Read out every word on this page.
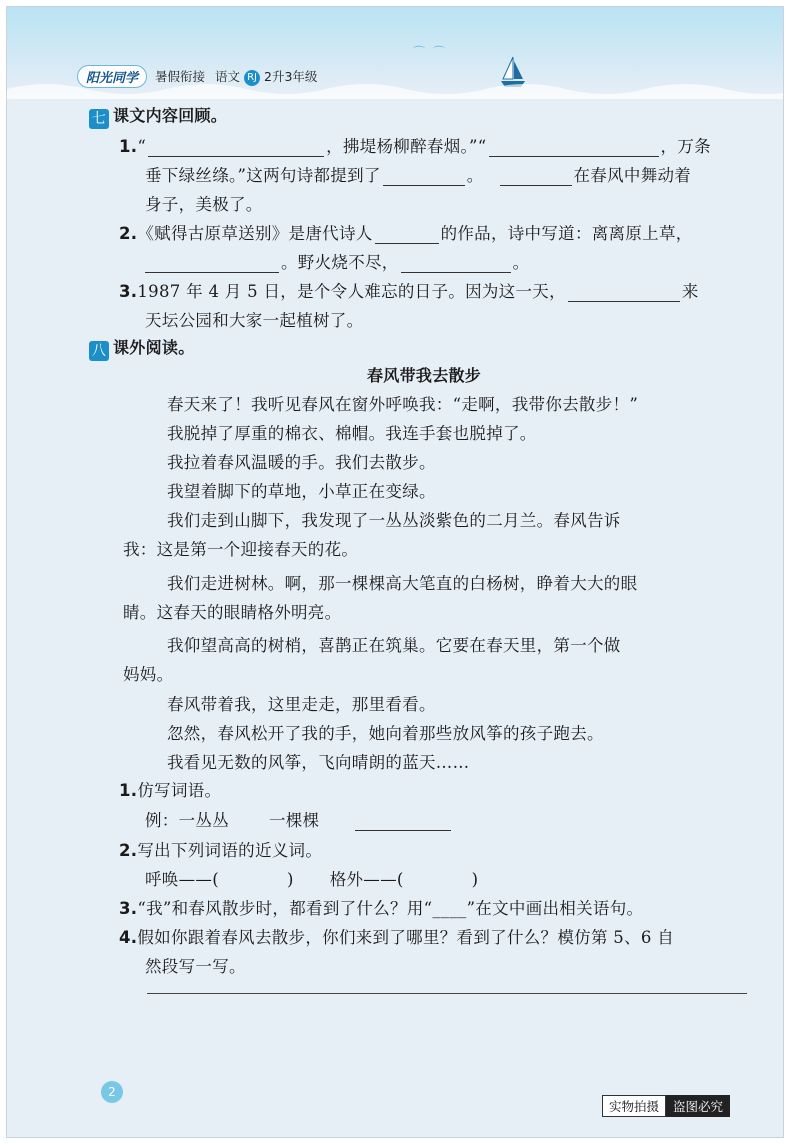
⌒⌒
阳光同学	暑假衔接 语文 RJ 2升3年级
七 课文内容回顾。
1.“	，拂堤杨柳醉春烟。”“	，万条
垂下绿丝绦。”这两句诗都提到了	。	在春风中舞动着
身子，美极了。
2.《赋得古原草送别》是唐代诗人	的作品，诗中写道：离离原上草，
。野火烧不尽，	。
3.1987 年 4 月 5 日，是个令人难忘的日子。因为这一天，	来
天坛公园和大家一起植树了。
八 课外阅读。
春风带我去散步
春天来了！我听见春风在窗外呼唤我：“走啊，我带你去散步！”
我脱掉了厚重的棉衣、棉帽。我连手套也脱掉了。
我拉着春风温暖的手。我们去散步。
我望着脚下的草地，小草正在变绿。
我们走到山脚下，我发现了一丛丛淡紫色的二月兰。春风告诉
我：这是第一个迎接春天的花。
我们走进树林。啊，那一棵棵高大笔直的白杨树，睁着大大的眼
睛。这春天的眼睛格外明亮。
我仰望高高的树梢，喜鹊正在筑巢。它要在春天里，第一个做
妈妈。
春风带着我，这里走走，那里看看。
忽然，春风松开了我的手，她向着那些放风筝的孩子跑去。
我看见无数的风筝，飞向晴朗的蓝天……
1.仿写词语。
例：一丛丛 一棵棵
2.写出下列词语的近义词。
呼唤——(	) 格外——(	)
3.“我”和春风散步时，都看到了什么？用“____”在文中画出相关语句。
4.假如你跟着春风去散步，你们来到了哪里？看到了什么？模仿第 5、6 自
然段写一写。
2
实物拍摄 盗图必究
